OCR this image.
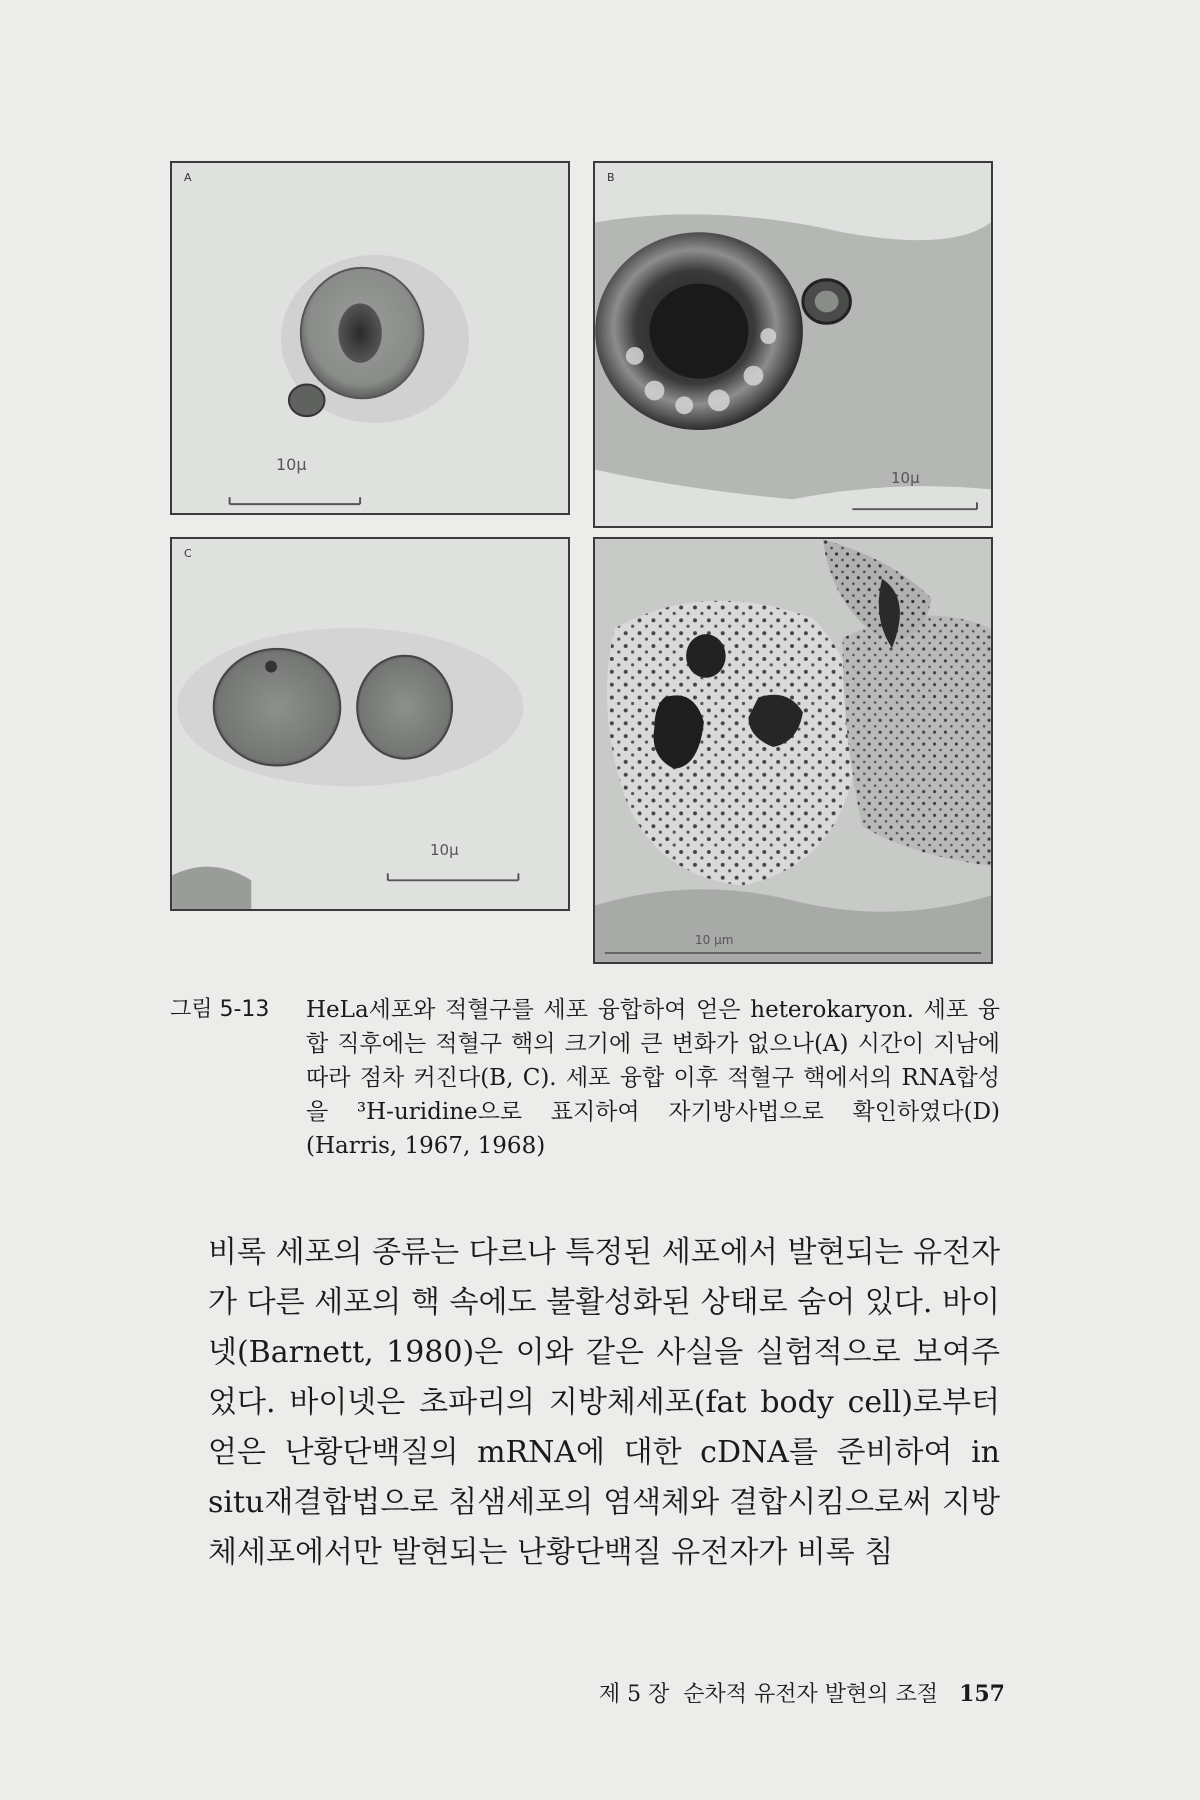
A
10μ
B
10μ
C
10μ
10 μm
그림 5-13	HeLa세포와 적혈구를 세포 융합하여 얻은 heterokaryon. 세포 융합 직후에는 적혈구 핵의 크기에 큰 변화가 없으나(A) 시간이 지남에 따라 점차 커진다(B, C). 세포 융합 이후 적혈구 핵에서의 RNA합성을 ³H-uridine으로 표지하여 자기방사법으로 확인하였다(D) (Harris, 1967, 1968)
비록 세포의 종류는 다르나 특정된 세포에서 발현되는 유전자가 다른 세포의 핵 속에도 불활성화된 상태로 숨어 있다. 바이넷(Barnett, 1980)은 이와 같은 사실을 실험적으로 보여주었다. 바이넷은 초파리의 지방체세포(fat body cell)로부터 얻은 난황단백질의 mRNA에 대한 cDNA를 준비하여 in situ재결합법으로 침샘세포의 염색체와 결합시킴으로써 지방체세포에서만 발현되는 난황단백질 유전자가 비록 침
제 5 장  순차적 유전자 발현의 조절 157
